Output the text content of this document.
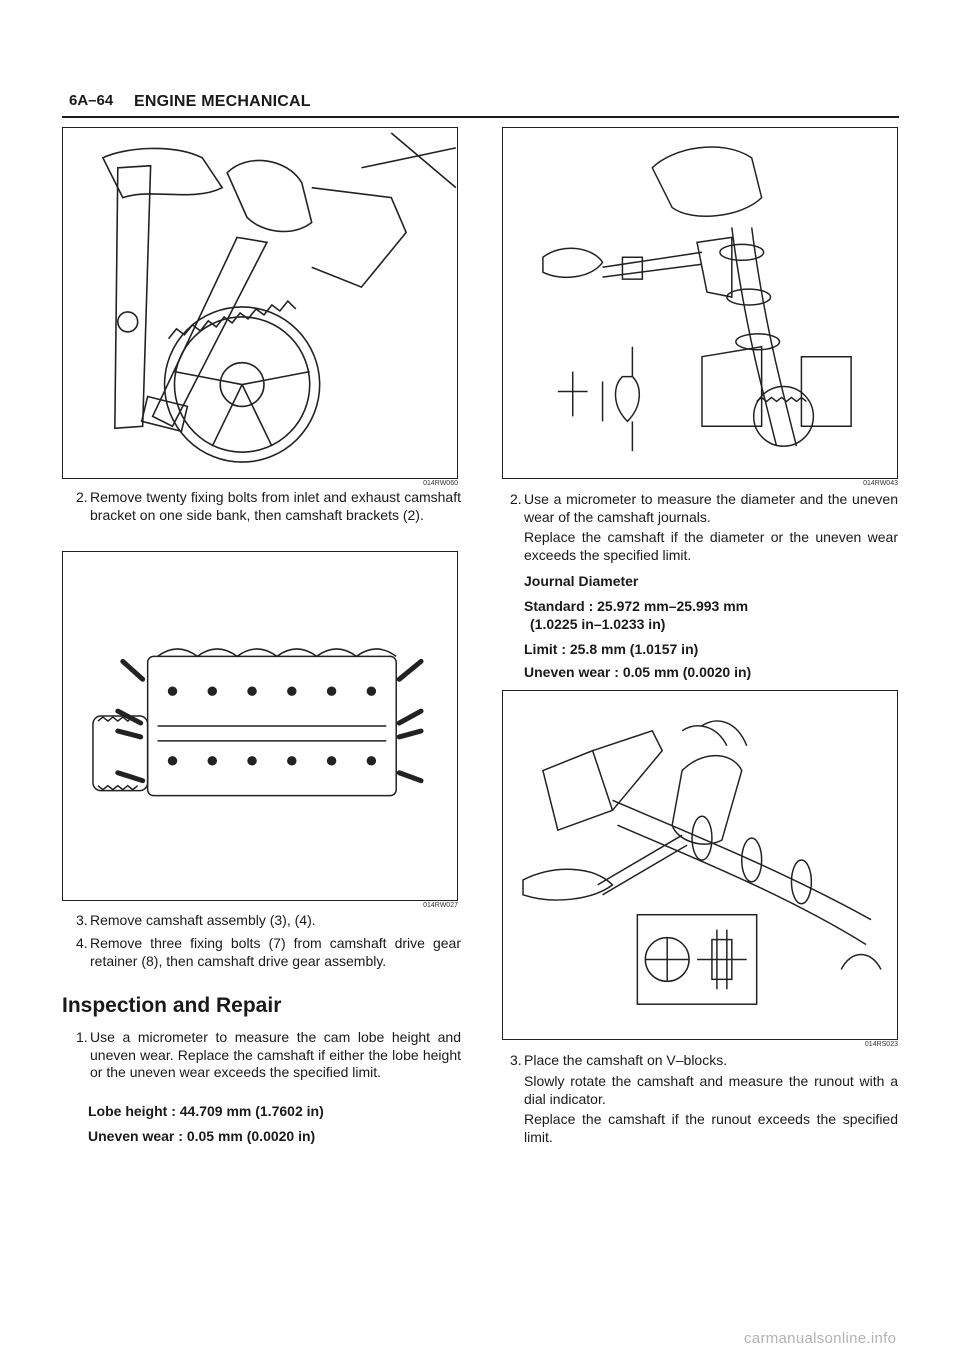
6A–64 ENGINE MECHANICAL
014RW060
2. Remove twenty fixing bolts from inlet and exhaust camshaft bracket on one side bank, then camshaft brackets (2).
014RW027
3. Remove camshaft assembly (3), (4).
4. Remove three fixing bolts (7) from camshaft drive gear retainer (8), then camshaft drive gear assembly.
Inspection and Repair
1. Use a micrometer to measure the cam lobe height and uneven wear. Replace the camshaft if either the lobe height or the uneven wear exceeds the specified limit.
Lobe height : 44.709 mm (1.7602 in)
Uneven wear : 0.05 mm (0.0020 in)
014RW043
2. Use a micrometer to measure the diameter and the uneven wear of the camshaft journals.
Replace the camshaft if the diameter or the uneven wear exceeds the specified limit.
Journal Diameter
Standard : 25.972 mm–25.993 mm
(1.0225 in–1.0233 in)
Limit : 25.8 mm (1.0157 in)
Uneven wear : 0.05 mm (0.0020 in)
014RS023
3. Place the camshaft on V–blocks.
Slowly rotate the camshaft and measure the runout with a dial indicator.
Replace the camshaft if the runout exceeds the specified limit.
carmanualsonline.info
